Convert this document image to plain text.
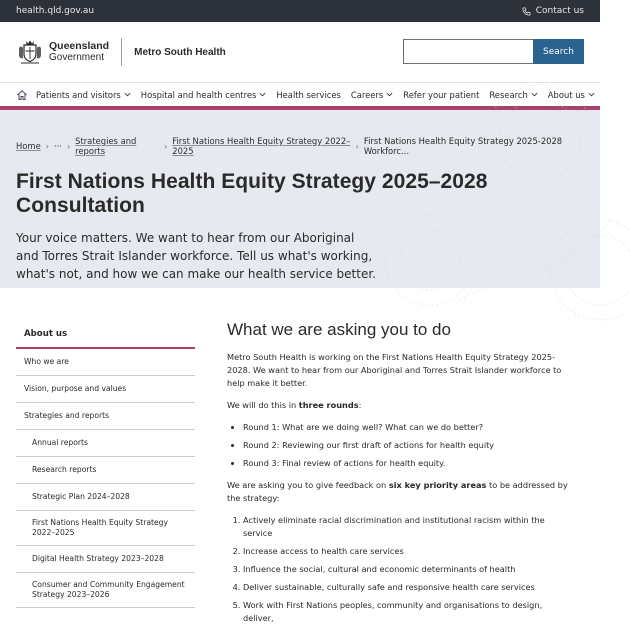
health.qld.gov.au	Contact us
Queensland
Government	Metro South Health	Search
Patients and visitors Hospital and health centres Health services Careers Refer your patient Research About us
Home › ··· › Strategies and reports	› First Nations Health Equity Strategy 2022–2025	› First Nations Health Equity Strategy 2025-2028 Workforc...
First Nations Health Equity Strategy 2025–2028 Consultation

Your voice matters. We want to hear from our Aboriginal and Torres Strait Islander workforce. Tell us what's working, what's not, and how we can make our health service better.

About us
Who we are
Vision, purpose and values
Strategies and reports
Annual reports
Research reports
Strategic Plan 2024–2028
First Nations Health Equity Strategy 2022–2025
Digital Health Strategy 2023–2028
Consumer and Community Engagement Strategy 2023–2026
What we are asking you to do

Metro South Health is working on the First Nations Health Equity Strategy 2025-2028. We want to hear from our Aboriginal and Torres Strait Islander workforce to help make it better.

We will do this in three rounds:

• Round 1: What are we doing well? What can we do better?
• Round 2: Reviewing our first draft of actions for health equity
• Round 3: Final review of actions for health equity.

We are asking you to give feedback on six key priority areas to be addressed by the strategy:

1. Actively eliminate racial discrimination and institutional racism within the service
2. Increase access to health care services
3. Influence the social, cultural and economic determinants of health
4. Deliver sustainable, culturally safe and responsive health care services
5. Work with First Nations peoples, community and organisations to design, deliver,
